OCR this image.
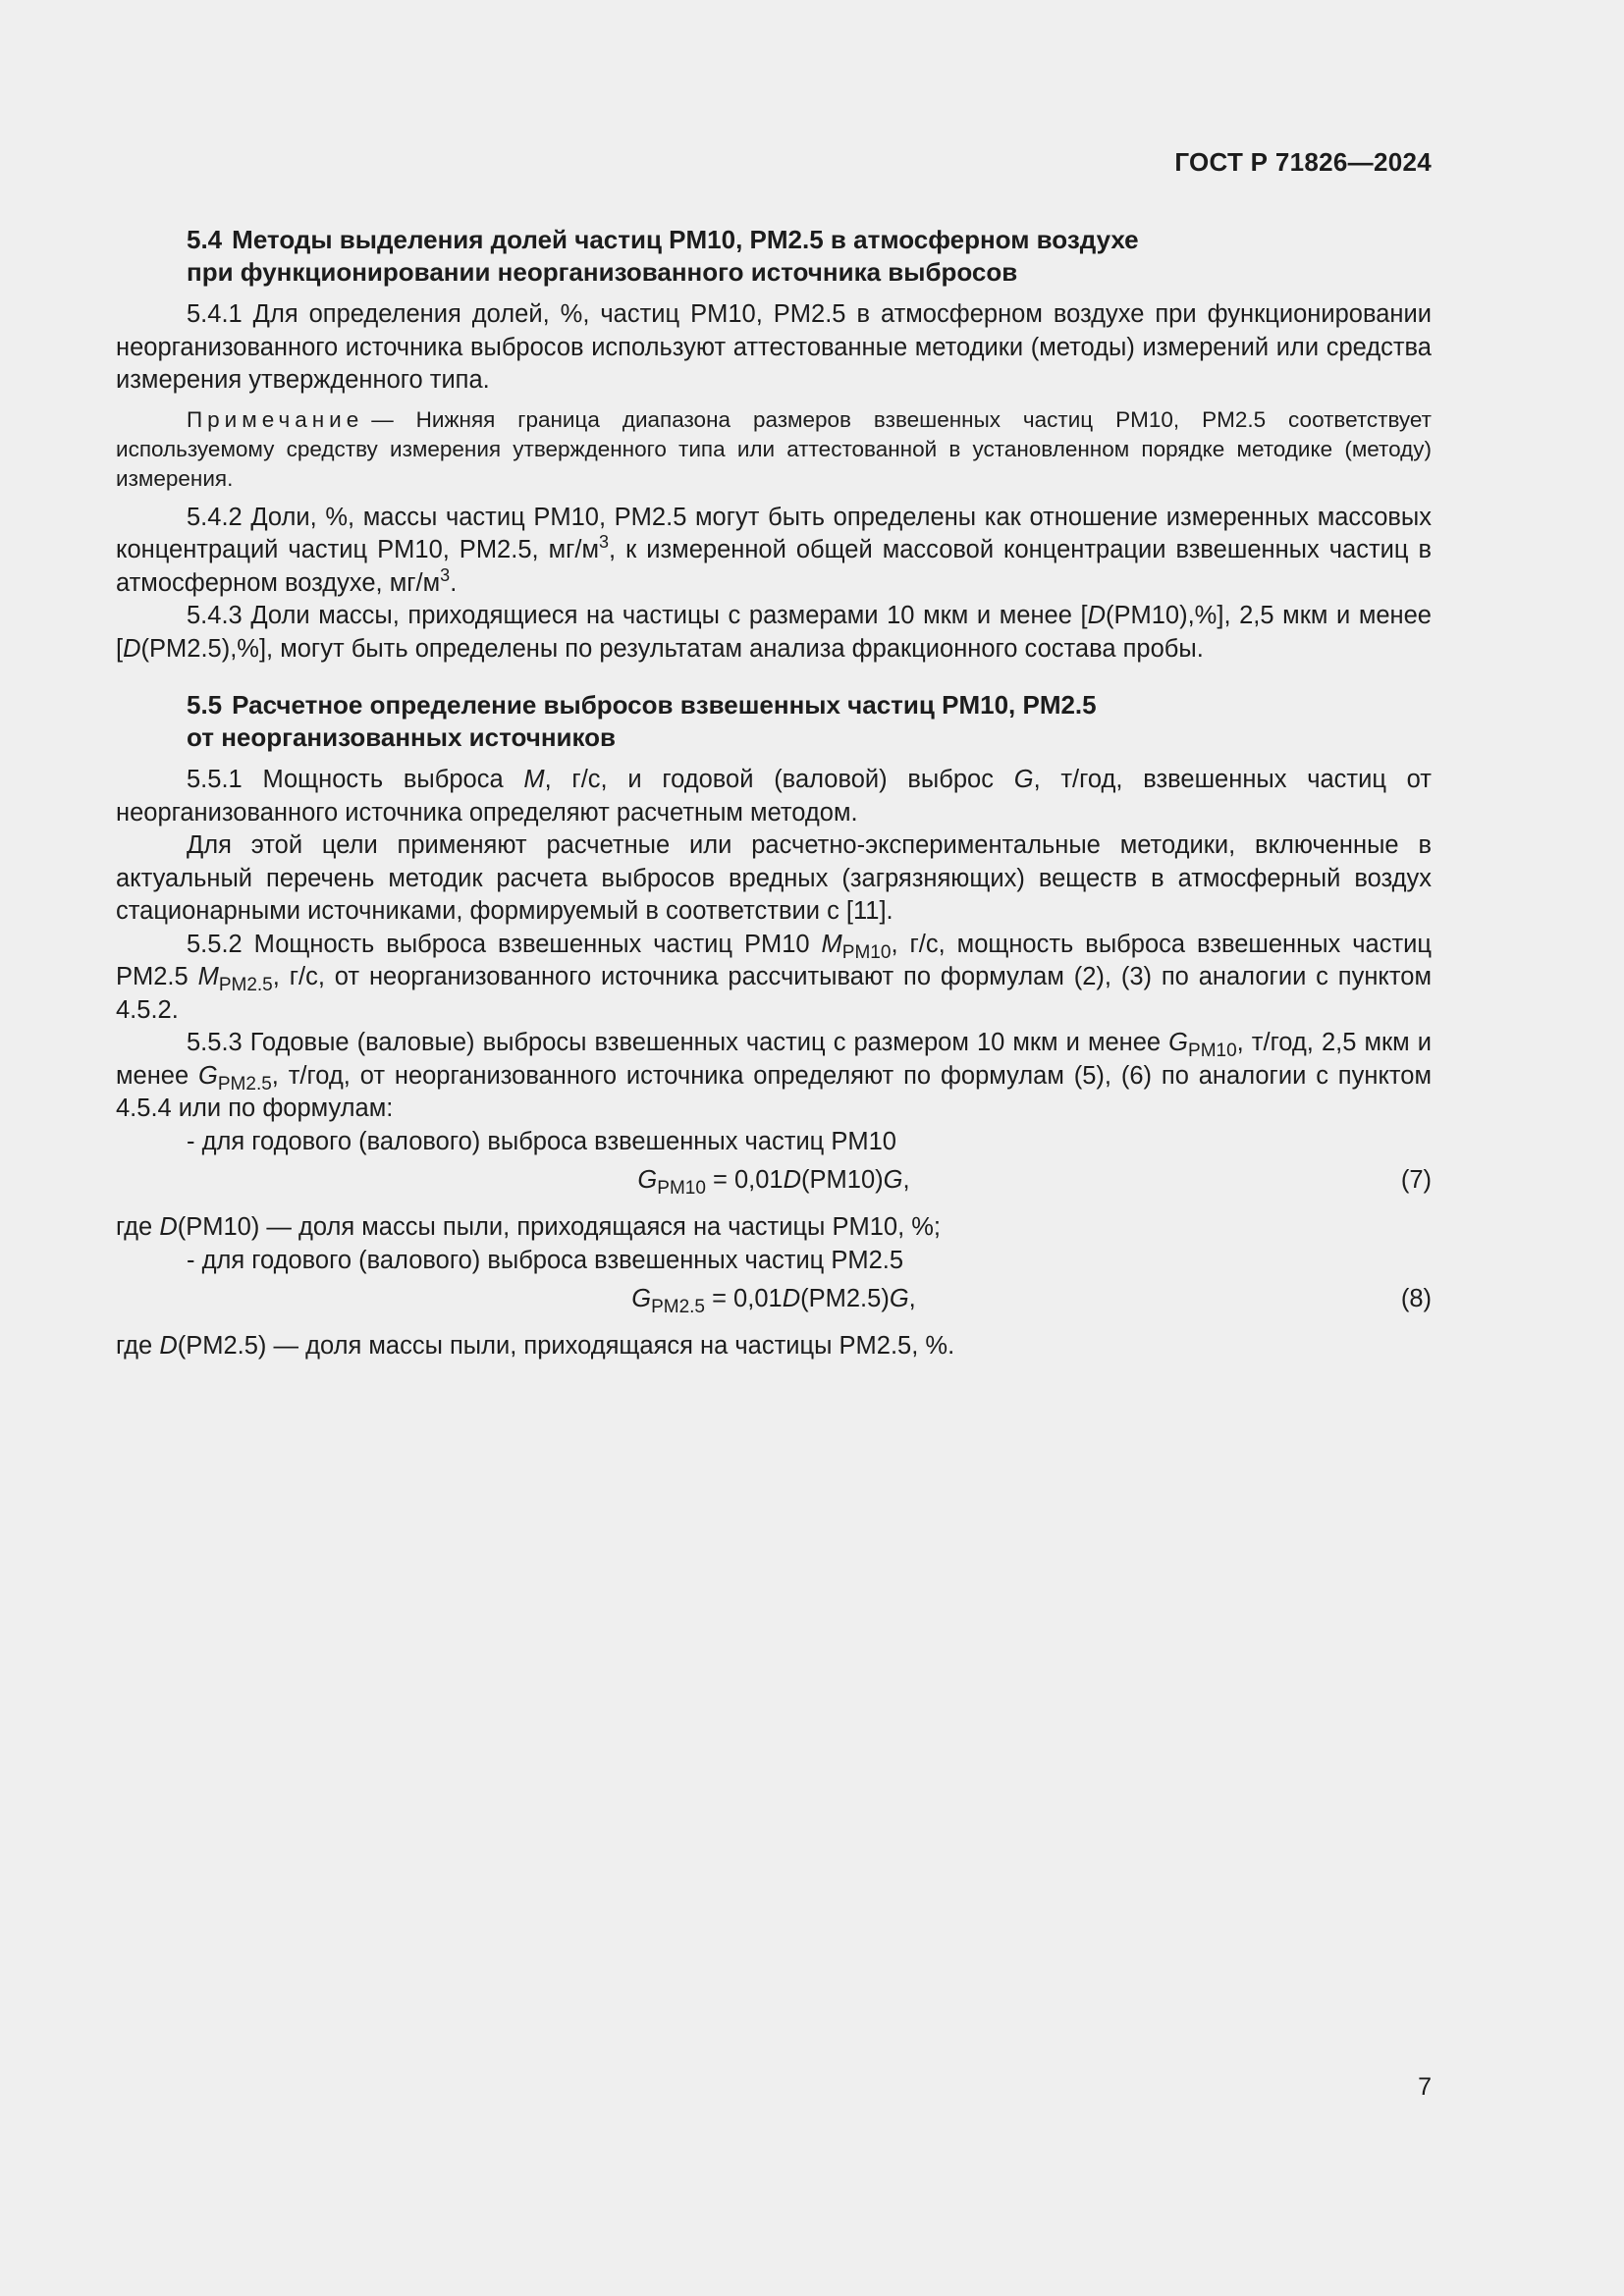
ГОСТ Р 71826—2024
5.4 Методы выделения долей частиц PM10, PM2.5 в атмосферном воздухе
при функционировании неорганизованного источника выбросов

5.4.1 Для определения долей, %, частиц PM10, PM2.5 в атмосферном воздухе при функционировании неорганизованного источника выбросов используют аттестованные методики (методы) измерений или средства измерения утвержденного типа.

Примечание — Нижняя граница диапазона размеров взвешенных частиц PM10, PM2.5 соответствует используемому средству измерения утвержденного типа или аттестованной в установленном порядке методике (методу) измерения.

5.4.2 Доли, %, массы частиц PM10, PM2.5 могут быть определены как отношение измеренных массовых концентраций частиц PM10, PM2.5, $мг/м^3$, к измеренной общей массовой концентрации взвешенных частиц в атмосферном воздухе, $мг/м^3$.

5.4.3 Доли массы, приходящиеся на частицы с размерами 10 мкм и менее [D(PM10),%], 2,5 мкм и менее [D(PM2.5),%], могут быть определены по результатам анализа фракционного состава пробы.

5.5 Расчетное определение выбросов взвешенных частиц PM10, PM2.5
от неорганизованных источников

5.5.1 Мощность выброса M, г/с, и годовой (валовой) выброс G, т/год, взвешенных частиц от неорганизованного источника определяют расчетным методом.

Для этой цели применяют расчетные или расчетно-экспериментальные методики, включенные в актуальный перечень методик расчета выбросов вредных (загрязняющих) веществ в атмосферный воздух стационарными источниками, формируемый в соответствии с [11].

5.5.2 Мощность выброса взвешенных частиц PM10 $M_{PM10}$, г/с, мощность выброса взвешенных частиц PM2.5 $M_{PM2.5}$, г/с, от неорганизованного источника рассчитывают по формулам (2), (3) по аналогии с пунктом 4.5.2.

5.5.3 Годовые (валовые) выбросы взвешенных частиц с размером 10 мкм и менее $G_{PM10}$, т/год, 2,5 мкм и менее $G_{PM2.5}$, т/год, от неорганизованного источника определяют по формулам (5), (6) по аналогии с пунктом 4.5.4 или по формулам:

- для годового (валового) выброса взвешенных частиц PM10

$G_{PM10} = 0,01D(PM10)G$,	(7)

где D(PM10) — доля массы пыли, приходящаяся на частицы PM10, %;

- для годового (валового) выброса взвешенных частиц PM2.5

$G_{PM2.5} = 0,01D(PM2.5)G$,	(8)

где D(PM2.5) — доля массы пыли, приходящаяся на частицы PM2.5, %.

7
